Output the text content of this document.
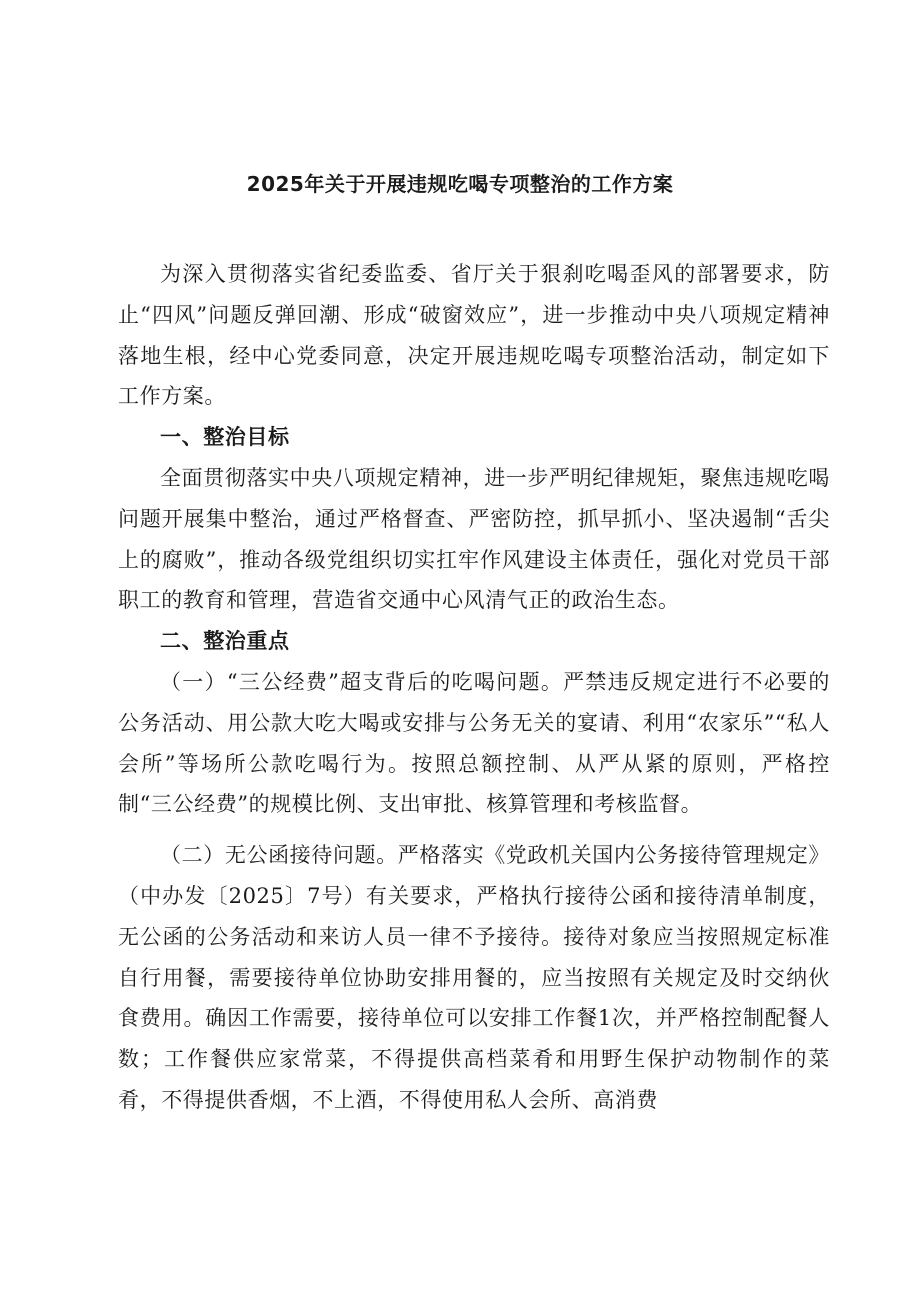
2025年关于开展违规吃喝专项整治的工作方案

为深入贯彻落实省纪委监委、省厅关于狠刹吃喝歪风的部署要求，防止“四风”问题反弹回潮、形成“破窗效应”，进一步推动中央八项规定精神落地生根，经中心党委同意，决定开展违规吃喝专项整治活动，制定如下工作方案。

一、整治目标

全面贯彻落实中央八项规定精神，进一步严明纪律规矩，聚焦违规吃喝问题开展集中整治，通过严格督查、严密防控，抓早抓小、坚决遏制“舌尖上的腐败”，推动各级党组织切实扛牢作风建设主体责任，强化对党员干部职工的教育和管理，营造省交通中心风清气正的政治生态。

二、整治重点

（一）“三公经费”超支背后的吃喝问题。严禁违反规定进行不必要的公务活动、用公款大吃大喝或安排与公务无关的宴请、利用“农家乐”“私人会所”等场所公款吃喝行为。按照总额控制、从严从紧的原则，严格控制“三公经费”的规模比例、支出审批、核算管理和考核监督。

（二）无公函接待问题。严格落实《党政机关国内公务接待管理规定》（中办发〔2025〕7号）有关要求，严格执行接待公函和接待清单制度，无公函的公务活动和来访人员一律不予接待。接待对象应当按照规定标准自行用餐，需要接待单位协助安排用餐的，应当按照有关规定及时交纳伙食费用。确因工作需要，接待单位可以安排工作餐1次，并严格控制配餐人数；工作餐供应家常菜，不得提供高档菜肴和用野生保护动物制作的菜肴，不得提供香烟，不上酒，不得使用私人会所、高消费
